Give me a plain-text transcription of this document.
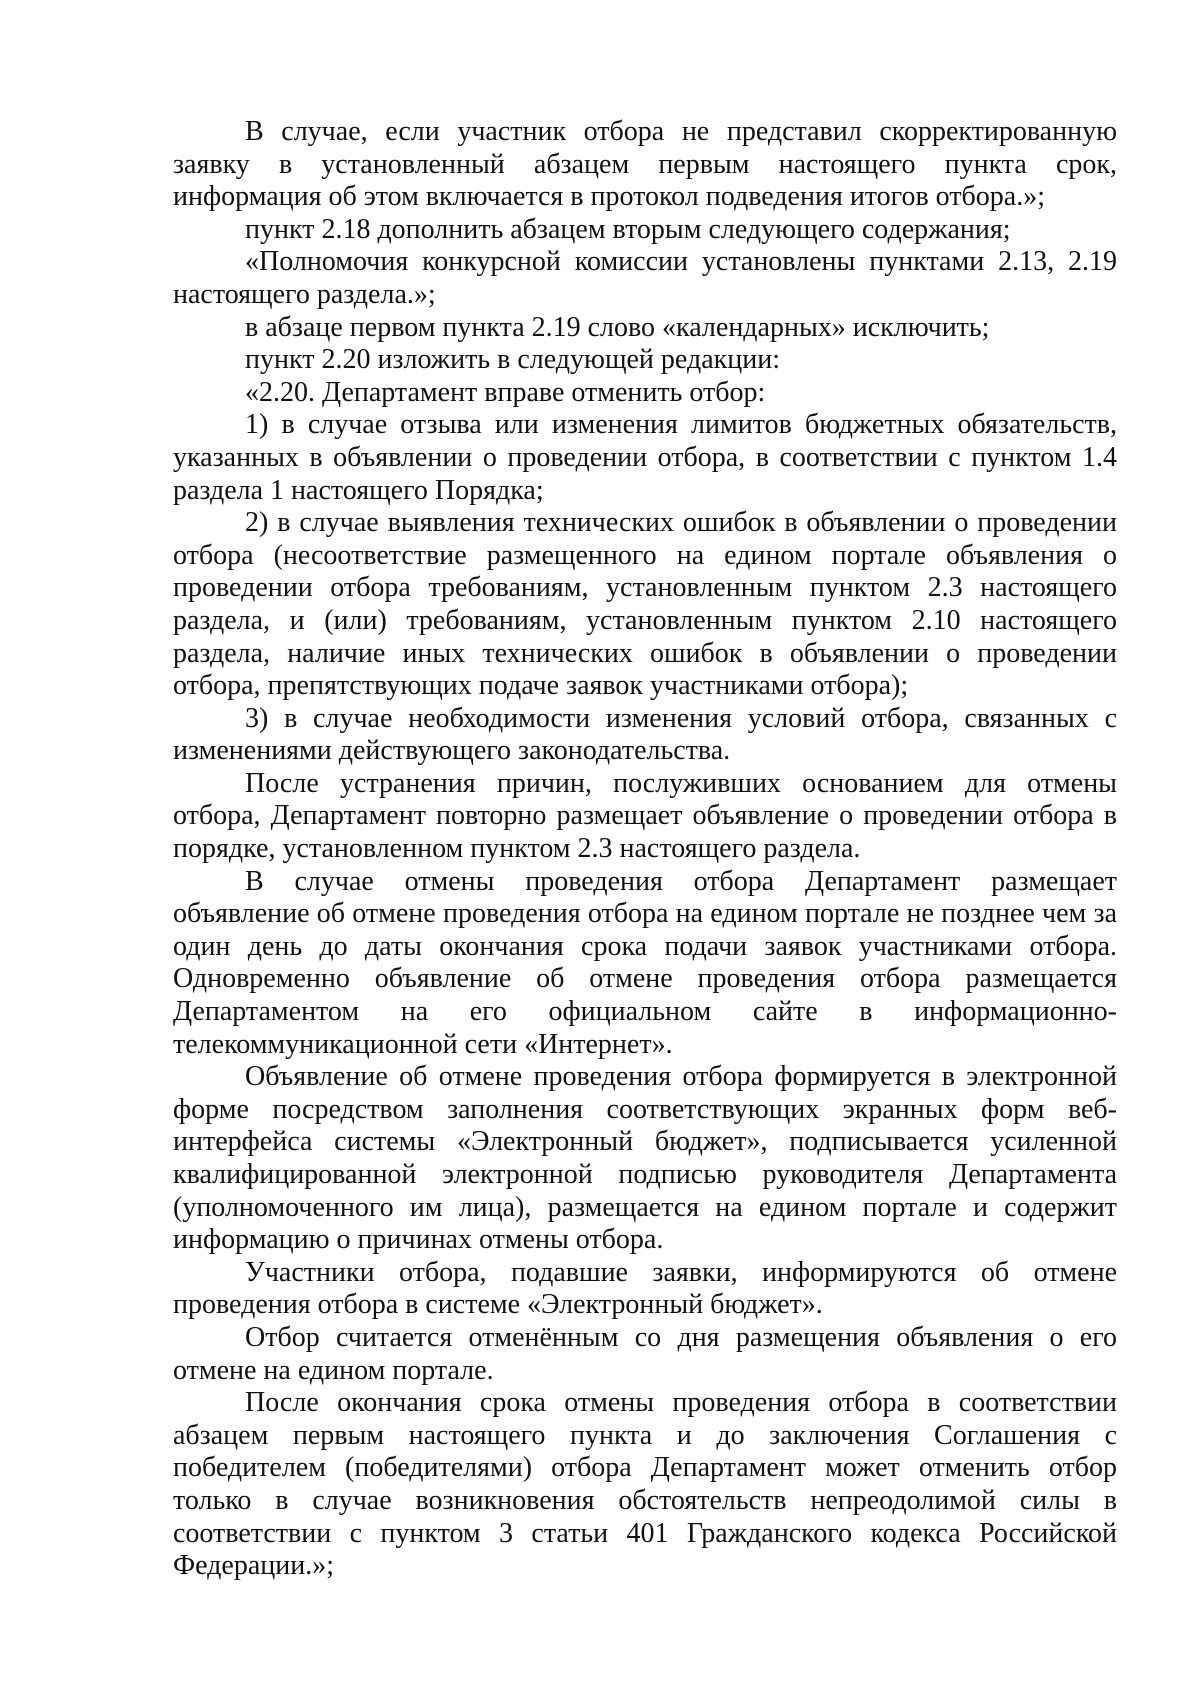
В случае, если участник отбора не представил скорректированную заявку в установленный абзацем первым настоящего пункта срок, информация об этом включается в протокол подведения итогов отбора.»;

пункт 2.18 дополнить абзацем вторым следующего содержания;

«Полномочия конкурсной комиссии установлены пунктами 2.13, 2.19 настоящего раздела.»;

в абзаце первом пункта 2.19 слово «календарных» исключить;

пункт 2.20 изложить в следующей редакции:

«2.20. Департамент вправе отменить отбор:

1) в случае отзыва или изменения лимитов бюджетных обязательств, указанных в объявлении о проведении отбора, в соответствии с пунктом 1.4 раздела 1 настоящего Порядка;

2) в случае выявления технических ошибок в объявлении о проведении отбора (несоответствие размещенного на едином портале объявления о проведении отбора требованиям, установленным пунктом 2.3 настоящего раздела, и (или) требованиям, установленным пунктом 2.10 настоящего раздела, наличие иных технических ошибок в объявлении о проведении отбора, препятствующих подаче заявок участниками отбора);

3) в случае необходимости изменения условий отбора, связанных с изменениями действующего законодательства.

После устранения причин, послуживших основанием для отмены отбора, Департамент повторно размещает объявление о проведении отбора в порядке, установленном пунктом 2.3 настоящего раздела.

В случае отмены проведения отбора Департамент размещает объявление об отмене проведения отбора на едином портале не позднее чем за один день до даты окончания срока подачи заявок участниками отбора. Одновременно объявление об отмене проведения отбора размещается Департаментом на его официальном сайте в информационно-телекоммуникационной сети «Интернет».

Объявление об отмене проведения отбора формируется в электронной форме посредством заполнения соответствующих экранных форм веб-интерфейса системы «Электронный бюджет», подписывается усиленной квалифицированной электронной подписью руководителя Департамента (уполномоченного им лица), размещается на едином портале и содержит информацию о причинах отмены отбора.

Участники отбора, подавшие заявки, информируются об отмене проведения отбора в системе «Электронный бюджет».

Отбор считается отменённым со дня размещения объявления о его отмене на едином портале.

После окончания срока отмены проведения отбора в соответствии абзацем первым настоящего пункта и до заключения Соглашения с победителем (победителями) отбора Департамент может отменить отбор только в случае возникновения обстоятельств непреодолимой силы в соответствии с пунктом 3 статьи 401 Гражданского кодекса Российской Федерации.»;
